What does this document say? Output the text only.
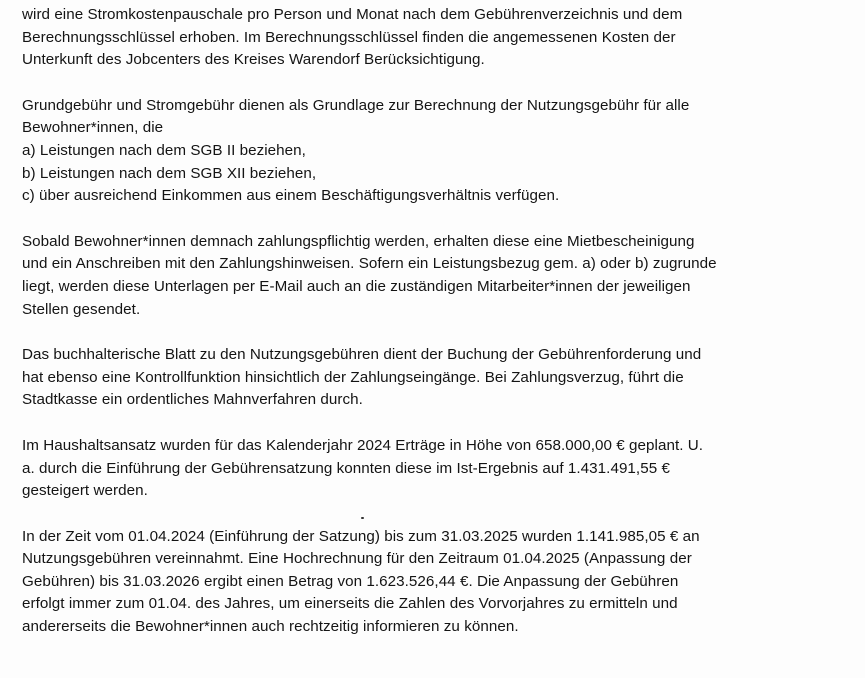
wird eine Stromkostenpauschale pro Person und Monat nach dem Gebührenverzeichnis und dem
Berechnungsschlüssel erhoben. Im Berechnungsschlüssel finden die angemessenen Kosten der
Unterkunft des Jobcenters des Kreises Warendorf Berücksichtigung.
Grundgebühr und Stromgebühr dienen als Grundlage zur Berechnung der Nutzungsgebühr für alle
Bewohner*innen, die
a) Leistungen nach dem SGB II beziehen,
b) Leistungen nach dem SGB XII beziehen,
c) über ausreichend Einkommen aus einem Beschäftigungsverhältnis verfügen.
Sobald Bewohner*innen demnach zahlungspflichtig werden, erhalten diese eine Mietbescheinigung
und ein Anschreiben mit den Zahlungshinweisen. Sofern ein Leistungsbezug gem. a) oder b) zugrunde
liegt, werden diese Unterlagen per E-Mail auch an die zuständigen Mitarbeiter*innen der jeweiligen
Stellen gesendet.
Das buchhalterische Blatt zu den Nutzungsgebühren dient der Buchung der Gebührenforderung und
hat ebenso eine Kontrollfunktion hinsichtlich der Zahlungseingänge. Bei Zahlungsverzug, führt die
Stadtkasse ein ordentliches Mahnverfahren durch.
Im Haushaltsansatz wurden für das Kalenderjahr 2024 Erträge in Höhe von 658.000,00 € geplant. U.
a. durch die Einführung der Gebührensatzung konnten diese im Ist-Ergebnis auf 1.431.491,55 €
gesteigert werden.
In der Zeit vom 01.04.2024 (Einführung der Satzung) bis zum 31.03.2025 wurden 1.141.985,05 € an
Nutzungsgebühren vereinnahmt. Eine Hochrechnung für den Zeitraum 01.04.2025 (Anpassung der
Gebühren) bis 31.03.2026 ergibt einen Betrag von 1.623.526,44 €. Die Anpassung der Gebühren
erfolgt immer zum 01.04. des Jahres, um einerseits die Zahlen des Vorvorjahres zu ermitteln und
andererseits die Bewohner*innen auch rechtzeitig informieren zu können.
